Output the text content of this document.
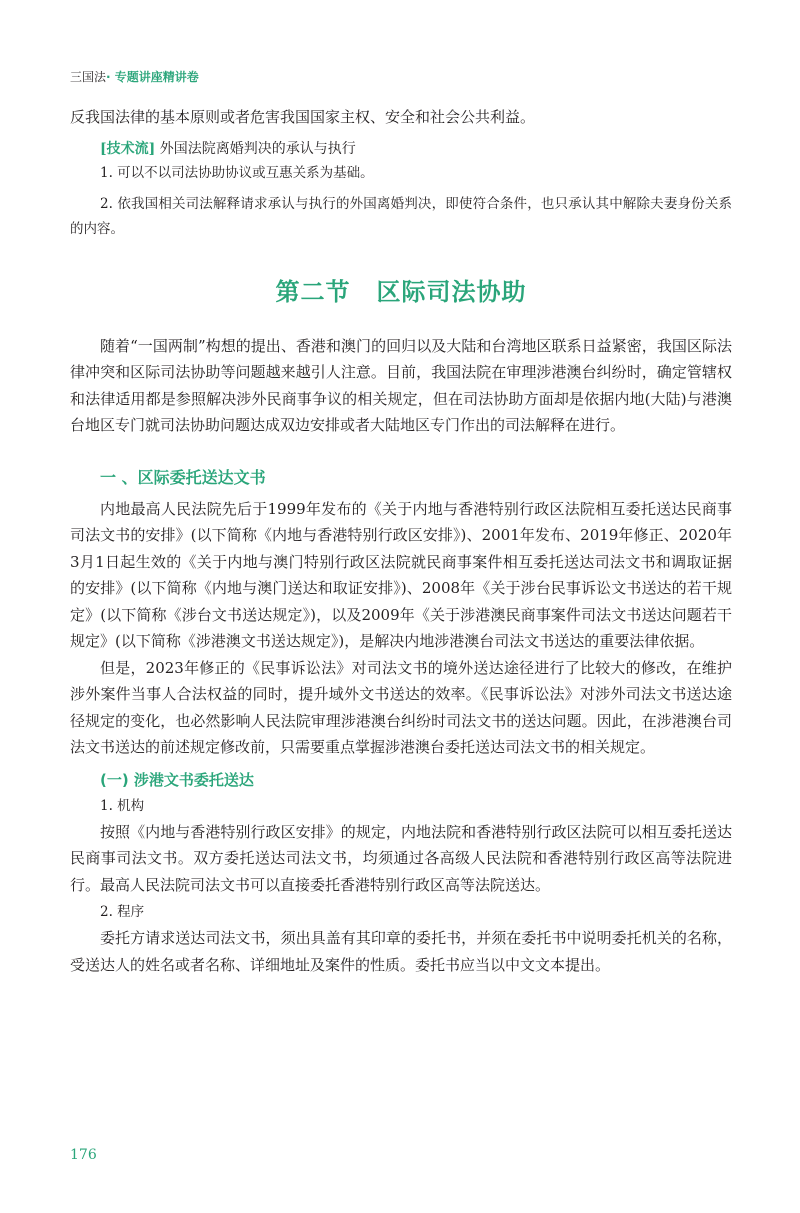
三国法· 专题讲座精讲卷

反我国法律的基本原则或者危害我国国家主权、安全和社会公共利益。

[技术流] 外国法院离婚判决的承认与执行

1. 可以不以司法协助协议或互惠关系为基础。

2. 依我国相关司法解释请求承认与执行的外国离婚判决，即使符合条件，也只承认其中解除夫妻身份关系的内容。

第二节 区际司法协助

随着“一国两制”构想的提出、香港和澳门的回归以及大陆和台湾地区联系日益紧密，我国区际法律冲突和区际司法协助等问题越来越引人注意。目前，我国法院在审理涉港澳台纠纷时，确定管辖权和法律适用都是参照解决涉外民商事争议的相关规定，但在司法协助方面却是依据内地(大陆)与港澳台地区专门就司法协助问题达成双边安排或者大陆地区专门作出的司法解释在进行。

一 、区际委托送达文书

内地最高人民法院先后于1999年发布的《关于内地与香港特别行政区法院相互委托送达民商事司法文书的安排》(以下简称《内地与香港特别行政区安排》)、2001年发布、2019年修正、2020年3月1日起生效的《关于内地与澳门特别行政区法院就民商事案件相互委托送达司法文书和调取证据的安排》(以下简称《内地与澳门送达和取证安排》)、2008年《关于涉台民事诉讼文书送达的若干规定》(以下简称《涉台文书送达规定》)，以及2009年《关于涉港澳民商事案件司法文书送达问题若干规定》(以下简称《涉港澳文书送达规定》)，是解决内地涉港澳台司法文书送达的重要法律依据。

但是，2023年修正的《民事诉讼法》对司法文书的境外送达途径进行了比较大的修改，在维护涉外案件当事人合法权益的同时，提升域外文书送达的效率。《民事诉讼法》对涉外司法文书送达途径规定的变化，也必然影响人民法院审理涉港澳台纠纷时司法文书的送达问题。因此，在涉港澳台司法文书送达的前述规定修改前，只需要重点掌握涉港澳台委托送达司法文书的相关规定。

(一) 涉港文书委托送达
1. 机构

按照《内地与香港特别行政区安排》的规定，内地法院和香港特别行政区法院可以相互委托送达民商事司法文书。双方委托送达司法文书，均须通过各高级人民法院和香港特别行政区高等法院进行。最高人民法院司法文书可以直接委托香港特别行政区高等法院送达。

2. 程序

委托方请求送达司法文书，须出具盖有其印章的委托书，并须在委托书中说明委托机关的名称，受送达人的姓名或者名称、详细地址及案件的性质。委托书应当以中文文本提出。

176
